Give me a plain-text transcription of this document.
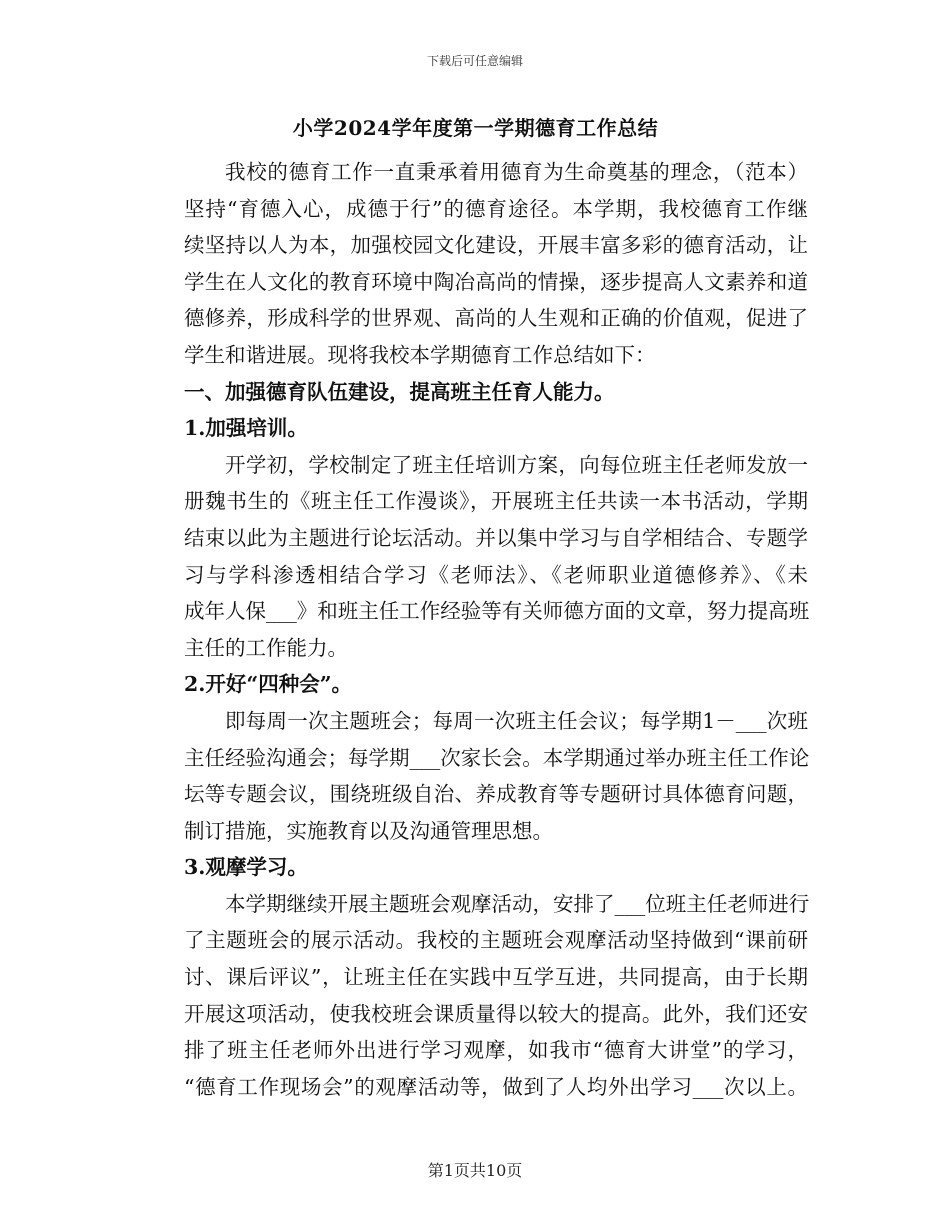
下载后可任意编辑
小学2024学年度第一学期德育工作总结
我校的德育工作一直秉承着用德育为生命奠基的理念，（范本）
坚持“育德入心，成德于行”的德育途径。本学期，我校德育工作继
续坚持以人为本，加强校园文化建设，开展丰富多彩的德育活动，让
学生在人文化的教育环境中陶冶高尚的情操，逐步提高人文素养和道
德修养，形成科学的世界观、高尚的人生观和正确的价值观，促进了
学生和谐进展。现将我校本学期德育工作总结如下：
一、加强德育队伍建设，提高班主任育人能力。
1.加强培训。
开学初，学校制定了班主任培训方案，向每位班主任老师发放一
册魏书生的《班主任工作漫谈》，开展班主任共读一本书活动，学期
结束以此为主题进行论坛活动。并以集中学习与自学相结合、专题学
习与学科渗透相结合学习《老师法》、《老师职业道德修养》、《未
成年人保___》和班主任工作经验等有关师德方面的文章，努力提高班
主任的工作能力。
2.开好“四种会”。
即每周一次主题班会；每周一次班主任会议；每学期1－___次班
主任经验沟通会；每学期___次家长会。本学期通过举办班主任工作论
坛等专题会议，围绕班级自治、养成教育等专题研讨具体德育问题，
制订措施，实施教育以及沟通管理思想。
3.观摩学习。
本学期继续开展主题班会观摩活动，安排了___位班主任老师进行
了主题班会的展示活动。我校的主题班会观摩活动坚持做到“课前研
讨、课后评议”，让班主任在实践中互学互进，共同提高，由于长期
开展这项活动，使我校班会课质量得以较大的提高。此外，我们还安
排了班主任老师外出进行学习观摩，如我市“德育大讲堂”的学习，
“德育工作现场会”的观摩活动等，做到了人均外出学习___次以上。
第1页共10页
